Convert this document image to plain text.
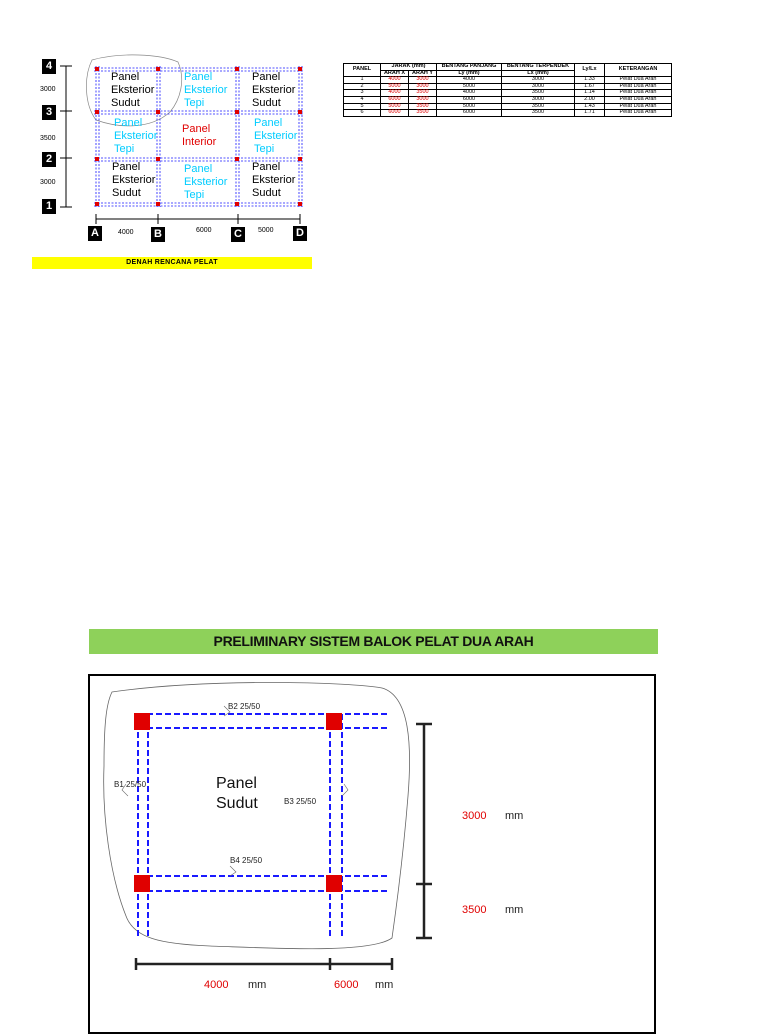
4
3
2
1
A	B	C	D
3000
3500
3000
4000	6000	5000
Panel
Eksterior
Sudut
Panel
Eksterior
Tepi
Panel
Eksterior
Sudut
Panel
Eksterior
Tepi
Panel
Interior
Panel
Eksterior
Tepi
Panel
Eksterior
Sudut
Panel
Eksterior
Tepi
Panel
Eksterior
Sudut
DENAH RENCANA PELAT
PANEL	JARAK (mm)		BENTANG PANJANG	BENTANG TERPENDEK	Ly/Lx	KETERANGAN
	ARAH X	ARAH Y	Ly (mm)	Lx (mm)		
1	4000	3000	4000	3000	1.33	Pelat Dua Arah
2	5000	3000	5000	3000	1.67	Pelat Dua Arah
3	4000	3500	4000	3500	1.14	Pelat Dua Arah
4	6000	3000	6000	3000	2.00	Pelat Dua Arah
5	5000	3500	5000	3500	1.43	Pelat Dua Arah
6	6000	3500	6000	3500	1.71	Pelat Dua Arah
PRELIMINARY SISTEM BALOK PELAT DUA ARAH
B2 25/50
B1 25/50
B3 25/50
B4 25/50
Panel
Sudut
3000 mm
3500 mm
4000 mm	6000 mm
